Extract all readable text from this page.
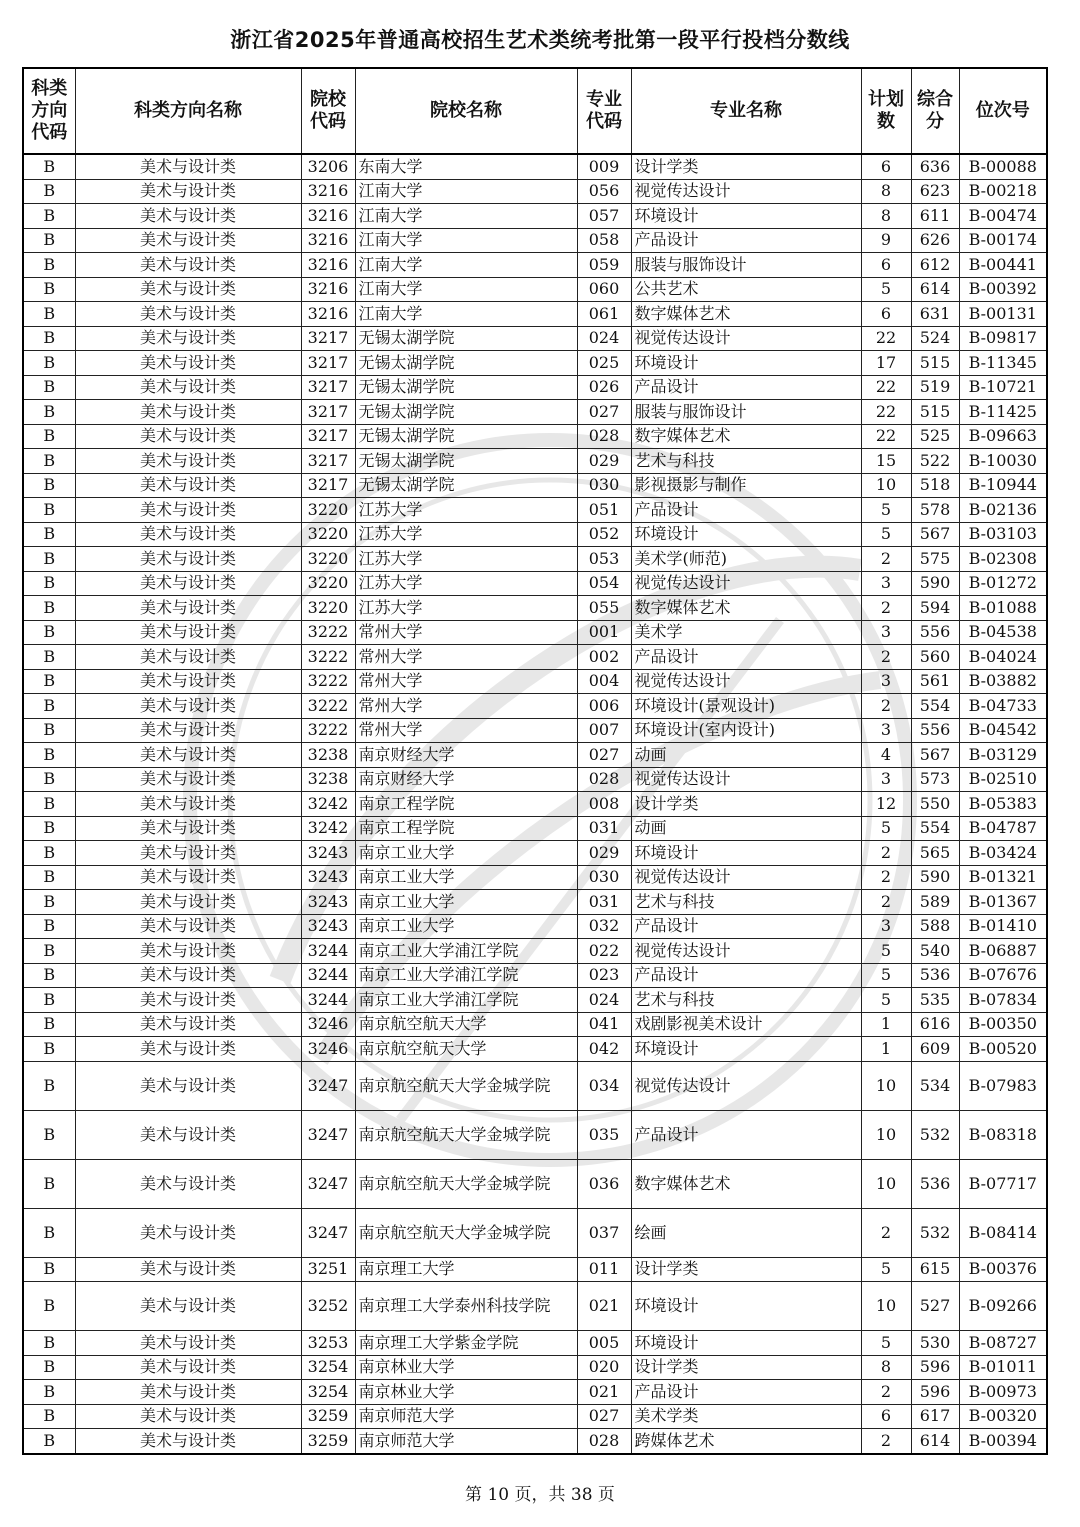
浙江省2025年普通高校招生艺术类统考批第一段平行投档分数线
科类方向代码	科类方向名称	院校代码	院校名称	专业代码	专业名称	计划数	综合分	位次号
B	美术与设计类	3206	东南大学	009	设计学类	6	636	B-00088
B	美术与设计类	3216	江南大学	056	视觉传达设计	8	623	B-00218
B	美术与设计类	3216	江南大学	057	环境设计	8	611	B-00474
B	美术与设计类	3216	江南大学	058	产品设计	9	626	B-00174
B	美术与设计类	3216	江南大学	059	服装与服饰设计	6	612	B-00441
B	美术与设计类	3216	江南大学	060	公共艺术	5	614	B-00392
B	美术与设计类	3216	江南大学	061	数字媒体艺术	6	631	B-00131
B	美术与设计类	3217	无锡太湖学院	024	视觉传达设计	22	524	B-09817
B	美术与设计类	3217	无锡太湖学院	025	环境设计	17	515	B-11345
B	美术与设计类	3217	无锡太湖学院	026	产品设计	22	519	B-10721
B	美术与设计类	3217	无锡太湖学院	027	服装与服饰设计	22	515	B-11425
B	美术与设计类	3217	无锡太湖学院	028	数字媒体艺术	22	525	B-09663
B	美术与设计类	3217	无锡太湖学院	029	艺术与科技	15	522	B-10030
B	美术与设计类	3217	无锡太湖学院	030	影视摄影与制作	10	518	B-10944
B	美术与设计类	3220	江苏大学	051	产品设计	5	578	B-02136
B	美术与设计类	3220	江苏大学	052	环境设计	5	567	B-03103
B	美术与设计类	3220	江苏大学	053	美术学(师范)	2	575	B-02308
B	美术与设计类	3220	江苏大学	054	视觉传达设计	3	590	B-01272
B	美术与设计类	3220	江苏大学	055	数字媒体艺术	2	594	B-01088
B	美术与设计类	3222	常州大学	001	美术学	3	556	B-04538
B	美术与设计类	3222	常州大学	002	产品设计	2	560	B-04024
B	美术与设计类	3222	常州大学	004	视觉传达设计	3	561	B-03882
B	美术与设计类	3222	常州大学	006	环境设计(景观设计)	2	554	B-04733
B	美术与设计类	3222	常州大学	007	环境设计(室内设计)	3	556	B-04542
B	美术与设计类	3238	南京财经大学	027	动画	4	567	B-03129
B	美术与设计类	3238	南京财经大学	028	视觉传达设计	3	573	B-02510
B	美术与设计类	3242	南京工程学院	008	设计学类	12	550	B-05383
B	美术与设计类	3242	南京工程学院	031	动画	5	554	B-04787
B	美术与设计类	3243	南京工业大学	029	环境设计	2	565	B-03424
B	美术与设计类	3243	南京工业大学	030	视觉传达设计	2	590	B-01321
B	美术与设计类	3243	南京工业大学	031	艺术与科技	2	589	B-01367
B	美术与设计类	3243	南京工业大学	032	产品设计	3	588	B-01410
B	美术与设计类	3244	南京工业大学浦江学院	022	视觉传达设计	5	540	B-06887
B	美术与设计类	3244	南京工业大学浦江学院	023	产品设计	5	536	B-07676
B	美术与设计类	3244	南京工业大学浦江学院	024	艺术与科技	5	535	B-07834
B	美术与设计类	3246	南京航空航天大学	041	戏剧影视美术设计	1	616	B-00350
B	美术与设计类	3246	南京航空航天大学	042	环境设计	1	609	B-00520
B	美术与设计类	3247	南京航空航天大学金城学院	034	视觉传达设计	10	534	B-07983
B	美术与设计类	3247	南京航空航天大学金城学院	035	产品设计	10	532	B-08318
B	美术与设计类	3247	南京航空航天大学金城学院	036	数字媒体艺术	10	536	B-07717
B	美术与设计类	3247	南京航空航天大学金城学院	037	绘画	2	532	B-08414
B	美术与设计类	3251	南京理工大学	011	设计学类	5	615	B-00376
B	美术与设计类	3252	南京理工大学泰州科技学院	021	环境设计	10	527	B-09266
B	美术与设计类	3253	南京理工大学紫金学院	005	环境设计	5	530	B-08727
B	美术与设计类	3254	南京林业大学	020	设计学类	8	596	B-01011
B	美术与设计类	3254	南京林业大学	021	产品设计	2	596	B-00973
B	美术与设计类	3259	南京师范大学	027	美术学类	6	617	B-00320
B	美术与设计类	3259	南京师范大学	028	跨媒体艺术	2	614	B-00394
第 10 页，共 38 页
